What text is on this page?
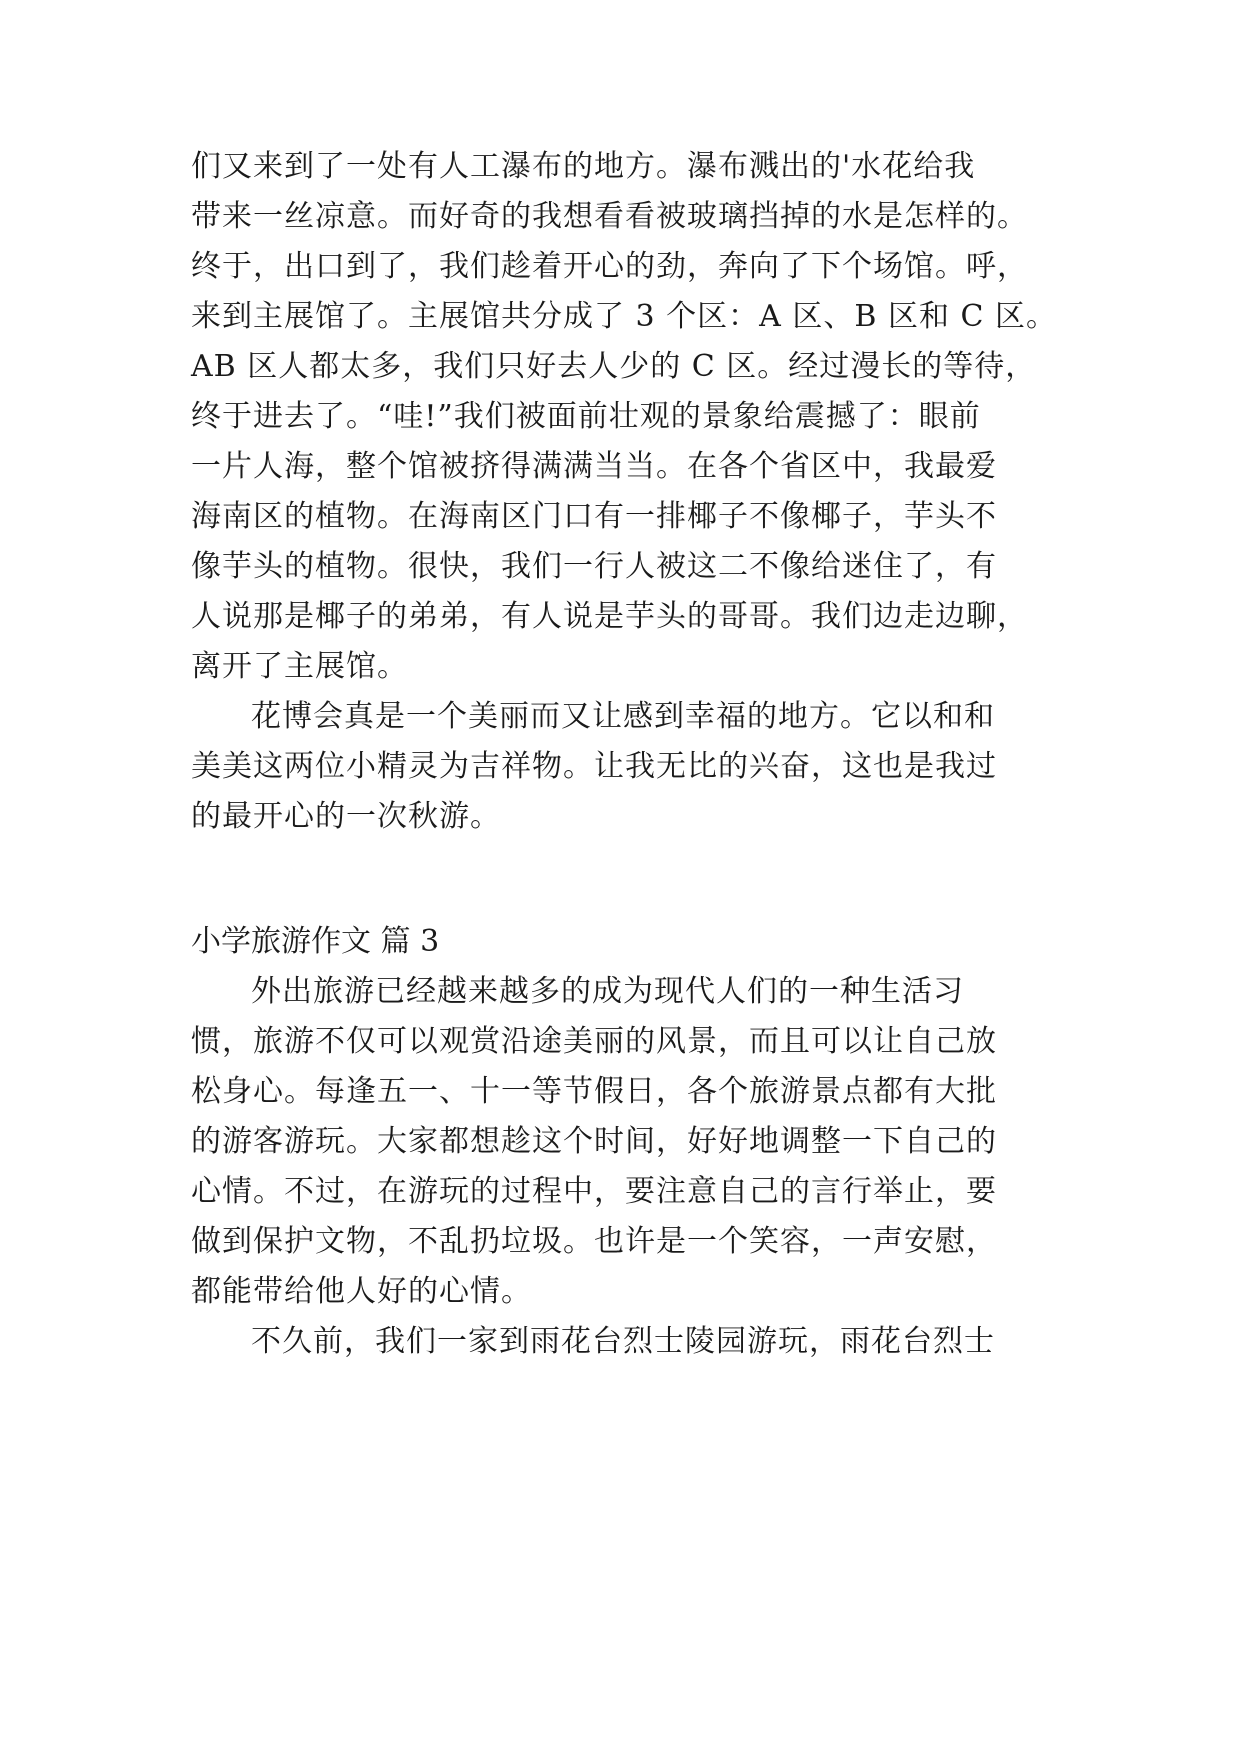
们又来到了一处有人工瀑布的地方。瀑布溅出的'水花给我
带来一丝凉意。而好奇的我想看看被玻璃挡掉的水是怎样的。
终于，出口到了，我们趁着开心的劲，奔向了下个场馆。呼，
来到主展馆了。主展馆共分成了 3 个区：A 区、B 区和 C 区。
AB 区人都太多，我们只好去人少的 C 区。经过漫长的等待，
终于进去了。“哇!”我们被面前壮观的景象给震撼了：眼前
一片人海，整个馆被挤得满满当当。在各个省区中，我最爱
海南区的植物。在海南区门口有一排椰子不像椰子，芋头不
像芋头的植物。很快，我们一行人被这二不像给迷住了，有
人说那是椰子的弟弟，有人说是芋头的哥哥。我们边走边聊，
离开了主展馆。
花博会真是一个美丽而又让感到幸福的地方。它以和和
美美这两位小精灵为吉祥物。让我无比的兴奋，这也是我过
的最开心的一次秋游。
小学旅游作文 篇 3
外出旅游已经越来越多的成为现代人们的一种生活习
惯，旅游不仅可以观赏沿途美丽的风景，而且可以让自己放
松身心。每逢五一、十一等节假日，各个旅游景点都有大批
的游客游玩。大家都想趁这个时间，好好地调整一下自己的
心情。不过，在游玩的过程中，要注意自己的言行举止，要
做到保护文物，不乱扔垃圾。也许是一个笑容，一声安慰，
都能带给他人好的心情。
不久前，我们一家到雨花台烈士陵园游玩，雨花台烈士
